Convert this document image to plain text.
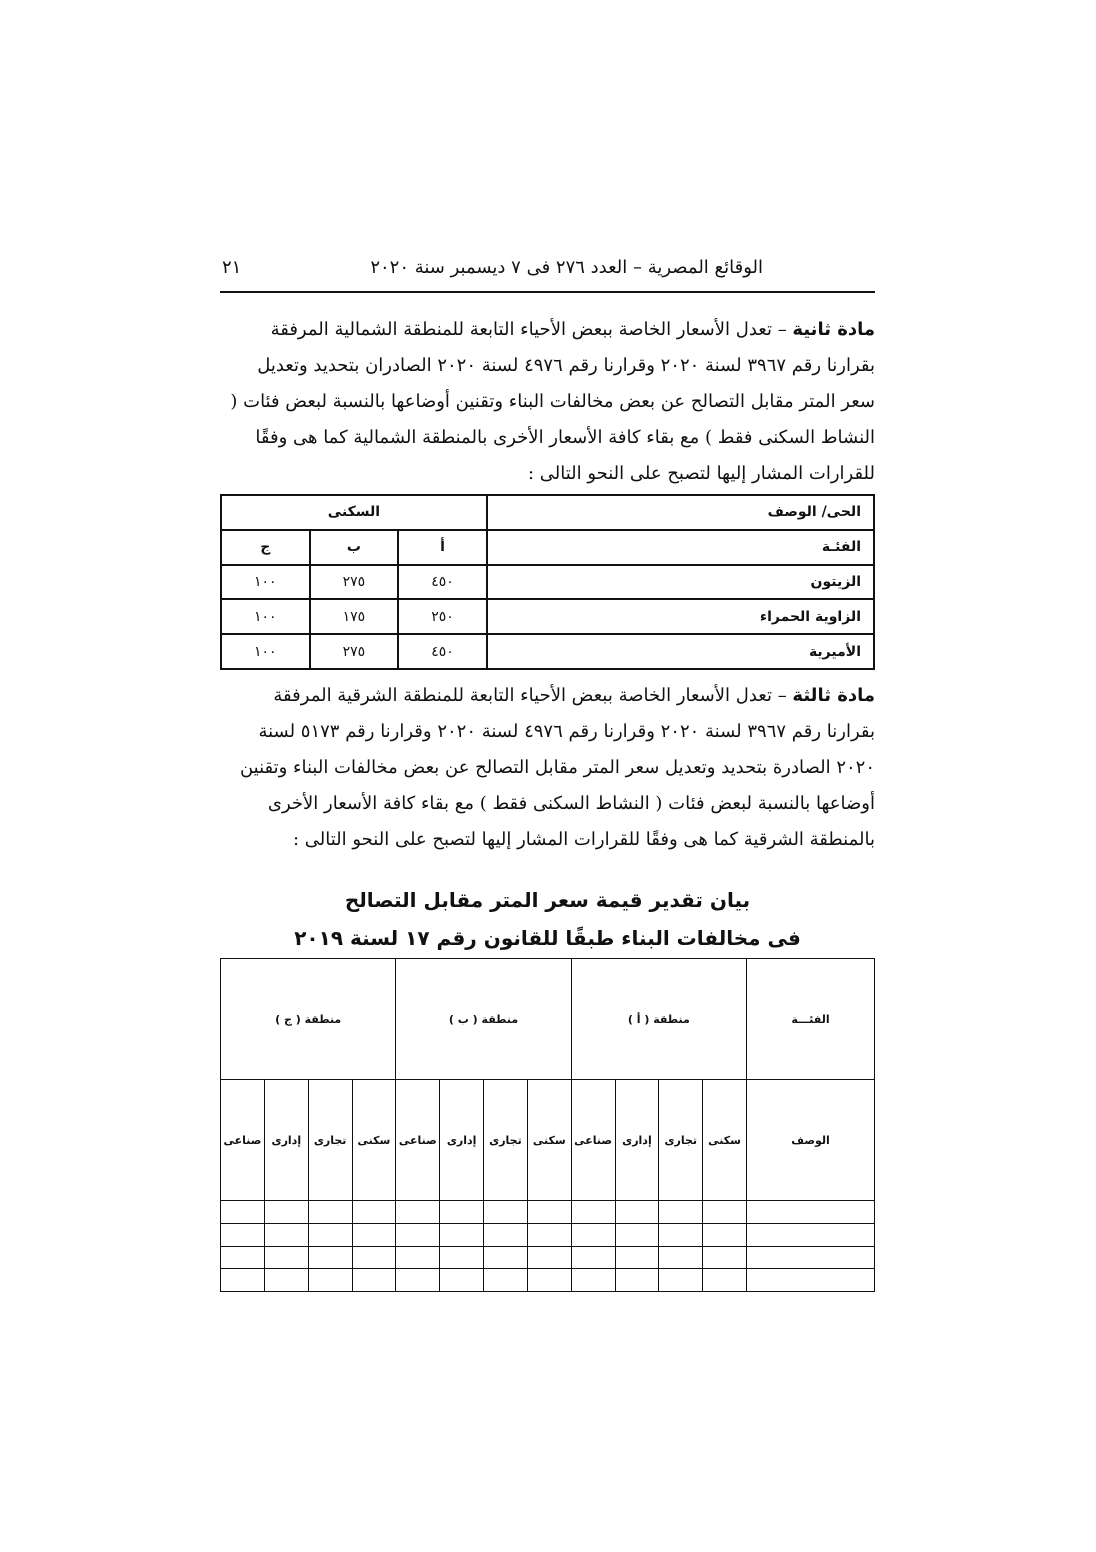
الوقائع المصرية – العدد ٢٧٦ فى ٧ ديسمبر سنة ٢٠٢٠
٢١
مادة ثانية – تعدل الأسعار الخاصة ببعض الأحياء التابعة للمنطقة الشمالية المرفقة بقرارنا رقم ٣٩٦٧ لسنة ٢٠٢٠ وقرارنا رقم ٤٩٧٦ لسنة ٢٠٢٠ الصادران بتحديد وتعديل سعر المتر مقابل التصالح عن بعض مخالفات البناء وتقنين أوضاعها بالنسبة لبعض فئات ( النشاط السكنى فقط ) مع بقاء كافة الأسعار الأخرى بالمنطقة الشمالية كما هى وفقًا للقرارات المشار إليها لتصبح على النحو التالى :
الحى/ الوصف	السكنى		
الفئـة	أ	ب	ج
الزيتون	٤٥٠	٢٧٥	١٠٠
الزاوية الحمراء	٢٥٠	١٧٥	١٠٠
الأميرية	٤٥٠	٢٧٥	١٠٠
مادة ثالثة – تعدل الأسعار الخاصة ببعض الأحياء التابعة للمنطقة الشرقية المرفقة بقرارنا رقم ٣٩٦٧ لسنة ٢٠٢٠ وقرارنا رقم ٤٩٧٦ لسنة ٢٠٢٠ وقرارنا رقم ٥١٧٣ لسنة ٢٠٢٠ الصادرة بتحديد وتعديل سعر المتر مقابل التصالح عن بعض مخالفات البناء وتقنين أوضاعها بالنسبة لبعض فئات ( النشاط السكنى فقط ) مع بقاء كافة الأسعار الأخرى بالمنطقة الشرقية كما هى وفقًا للقرارات المشار إليها لتصبح على النحو التالى :
بيان تقدير قيمة سعر المتر مقابل التصالح
فى مخالفات البناء طبقًا للقانون رقم ١٧ لسنة ٢٠١٩
الفئـــة	منطقة ( أ )				منطقة ( ب )				منطقة ( ج )			

الوصف	سكنى	تجارى	إدارى	صناعى	سكنى	تجارى	إدارى	صناعى	سكنى	تجارى	إدارى	صناعى
